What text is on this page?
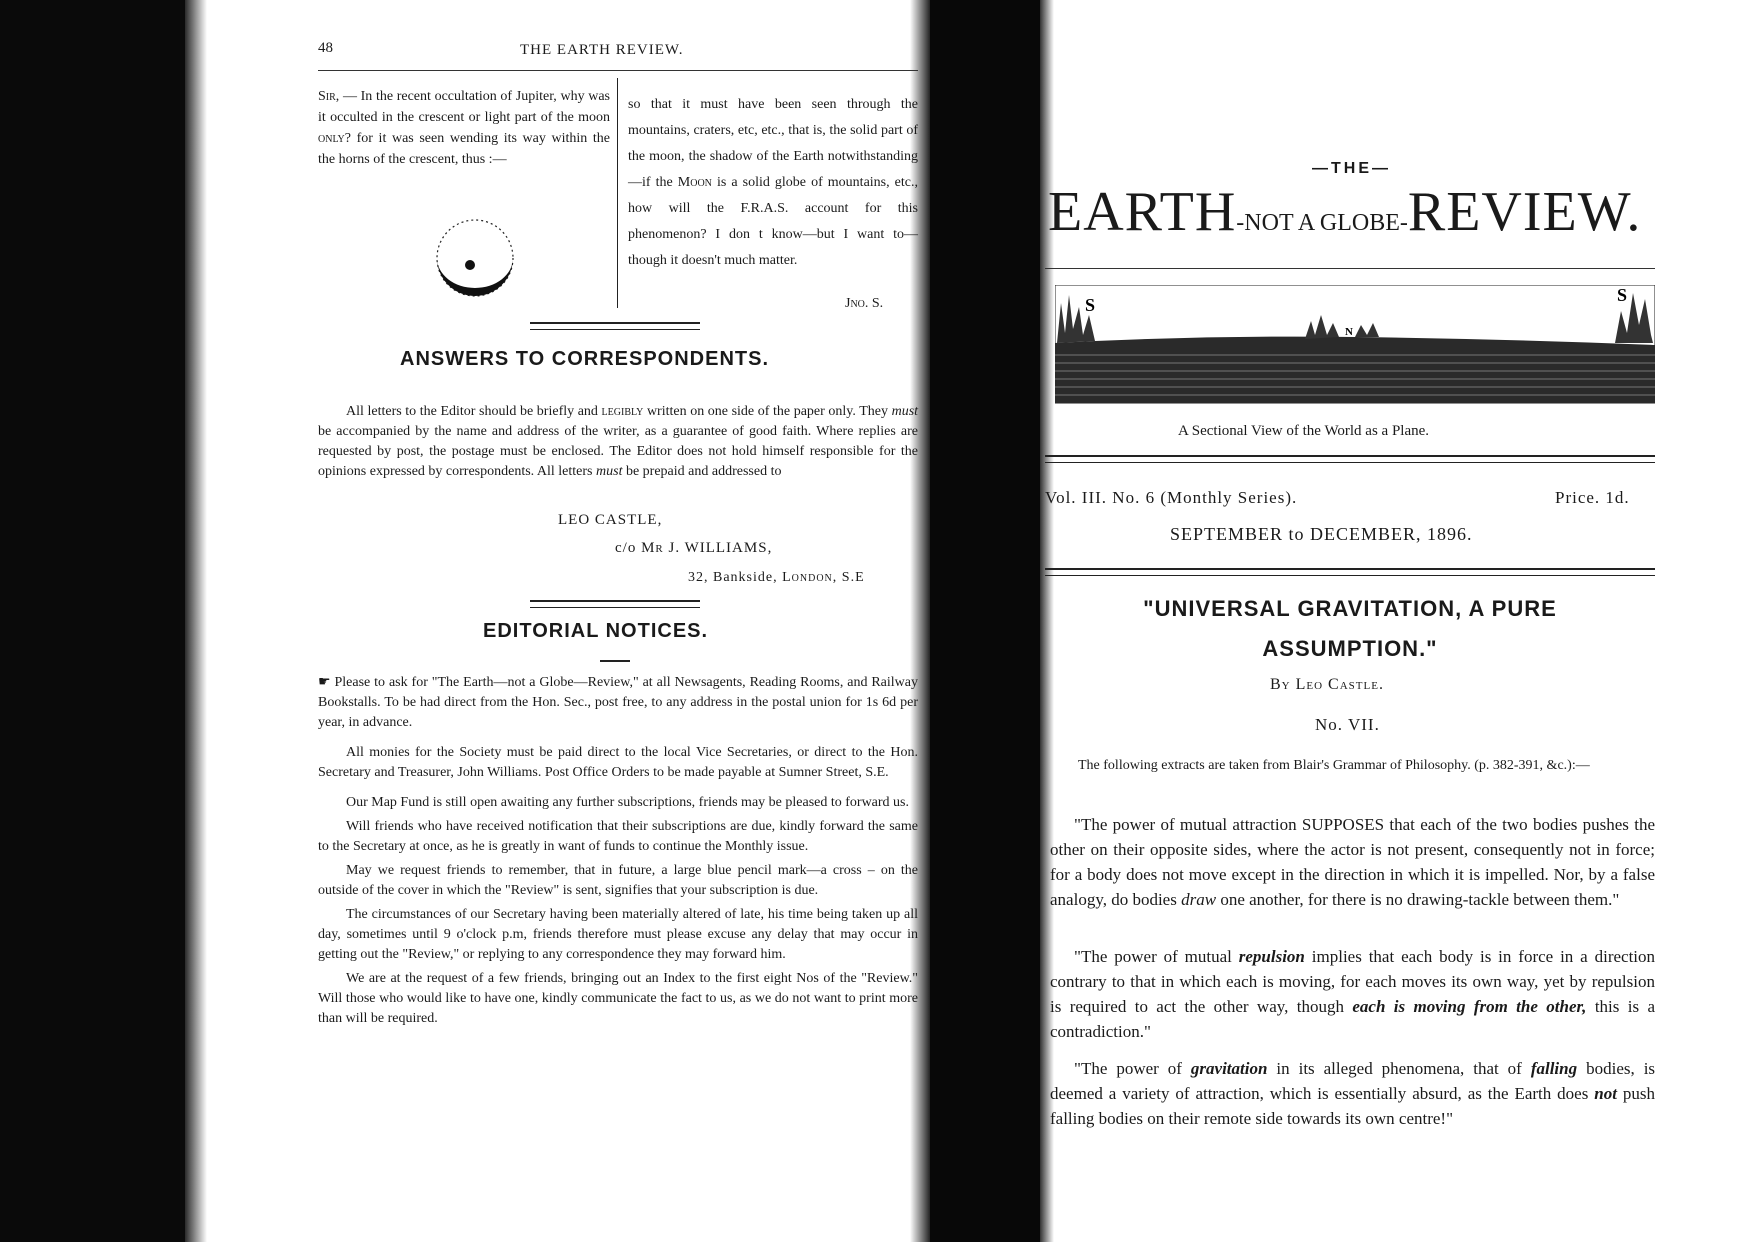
48	THE EARTH REVIEW.
Sir, — In the recent occultation of Jupiter, why was it occulted in the crescent or light part of the moon only? for it was seen wending its way within the the horns of the crescent, thus :—
so that it must have been seen through the mountains, craters, etc, etc., that is, the solid part of the moon, the shadow of the Earth notwithstanding—if the Moon is a solid globe of mountains, etc., how will the F.R.A.S. account for this phenomenon? I don t know—but I want to—though it doesn't much matter.
Jno. S.
ANSWERS TO CORRESPONDENTS.
All letters to the Editor should be briefly and legibly written on one side of the paper only. They must be accompanied by the name and address of the writer, as a guarantee of good faith. Where replies are requested by post, the postage must be enclosed. The Editor does not hold himself responsible for the opinions expressed by correspondents. All letters must be prepaid and addressed to
LEO CASTLE,
c/o Mr J. WILLIAMS,
32, Bankside, London, S.E
EDITORIAL NOTICES.
☛ Please to ask for "The Earth—not a Globe—Review," at all Newsagents, Reading Rooms, and Railway Bookstalls. To be had direct from the Hon. Sec., post free, to any address in the postal union for 1s 6d per year, in advance.
All monies for the Society must be paid direct to the local Vice Secretaries, or direct to the Hon. Secretary and Treasurer, John Williams. Post Office Orders to be made payable at Sumner Street, S.E.
Our Map Fund is still open awaiting any further subscriptions, friends may be pleased to forward us.
Will friends who have received notification that their subscriptions are due, kindly forward the same to the Secretary at once, as he is greatly in want of funds to continue the Monthly issue.
May we request friends to remember, that in future, a large blue pencil mark—a cross – on the outside of the cover in which the "Review" is sent, signifies that your subscription is due.
The circumstances of our Secretary having been materially altered of late, his time being taken up all day, sometimes until 9 o'clock p.m, friends therefore must please excuse any delay that may occur in getting out the "Review," or replying to any correspondence they may forward him.
We are at the request of a few friends, bringing out an Index to the first eight Nos of the "Review." Will those who would like to have one, kindly communicate the fact to us, as we do not want to print more than will be required.
—THE—
EARTH-NOT A GLOBE-REVIEW.
S
N
S
A Sectional View of the World as a Plane.
Vol. III. No. 6 (Monthly Series).	Price. 1d.
SEPTEMBER to DECEMBER, 1896.
"UNIVERSAL GRAVITATION, A PURE
ASSUMPTION."
By Leo Castle.
No. VII.
The following extracts are taken from Blair's Grammar of Philosophy. (p. 382-391, &c.):—
"The power of mutual attraction SUPPOSES that each of the two bodies pushes the other on their opposite sides, where the actor is not present, consequently not in force; for a body does not move except in the direction in which it is impelled. Nor, by a false analogy, do bodies draw one another, for there is no drawing-tackle between them."
"The power of mutual repulsion implies that each body is in force in a direction contrary to that in which each is moving, for each moves its own way, yet by repulsion is required to act the other way, though each is moving from the other, this is a contradiction."
"The power of gravitation in its alleged phenomena, that of falling bodies, is deemed a variety of attraction, which is essentially absurd, as the Earth does not push falling bodies on their remote side towards its own centre!"
